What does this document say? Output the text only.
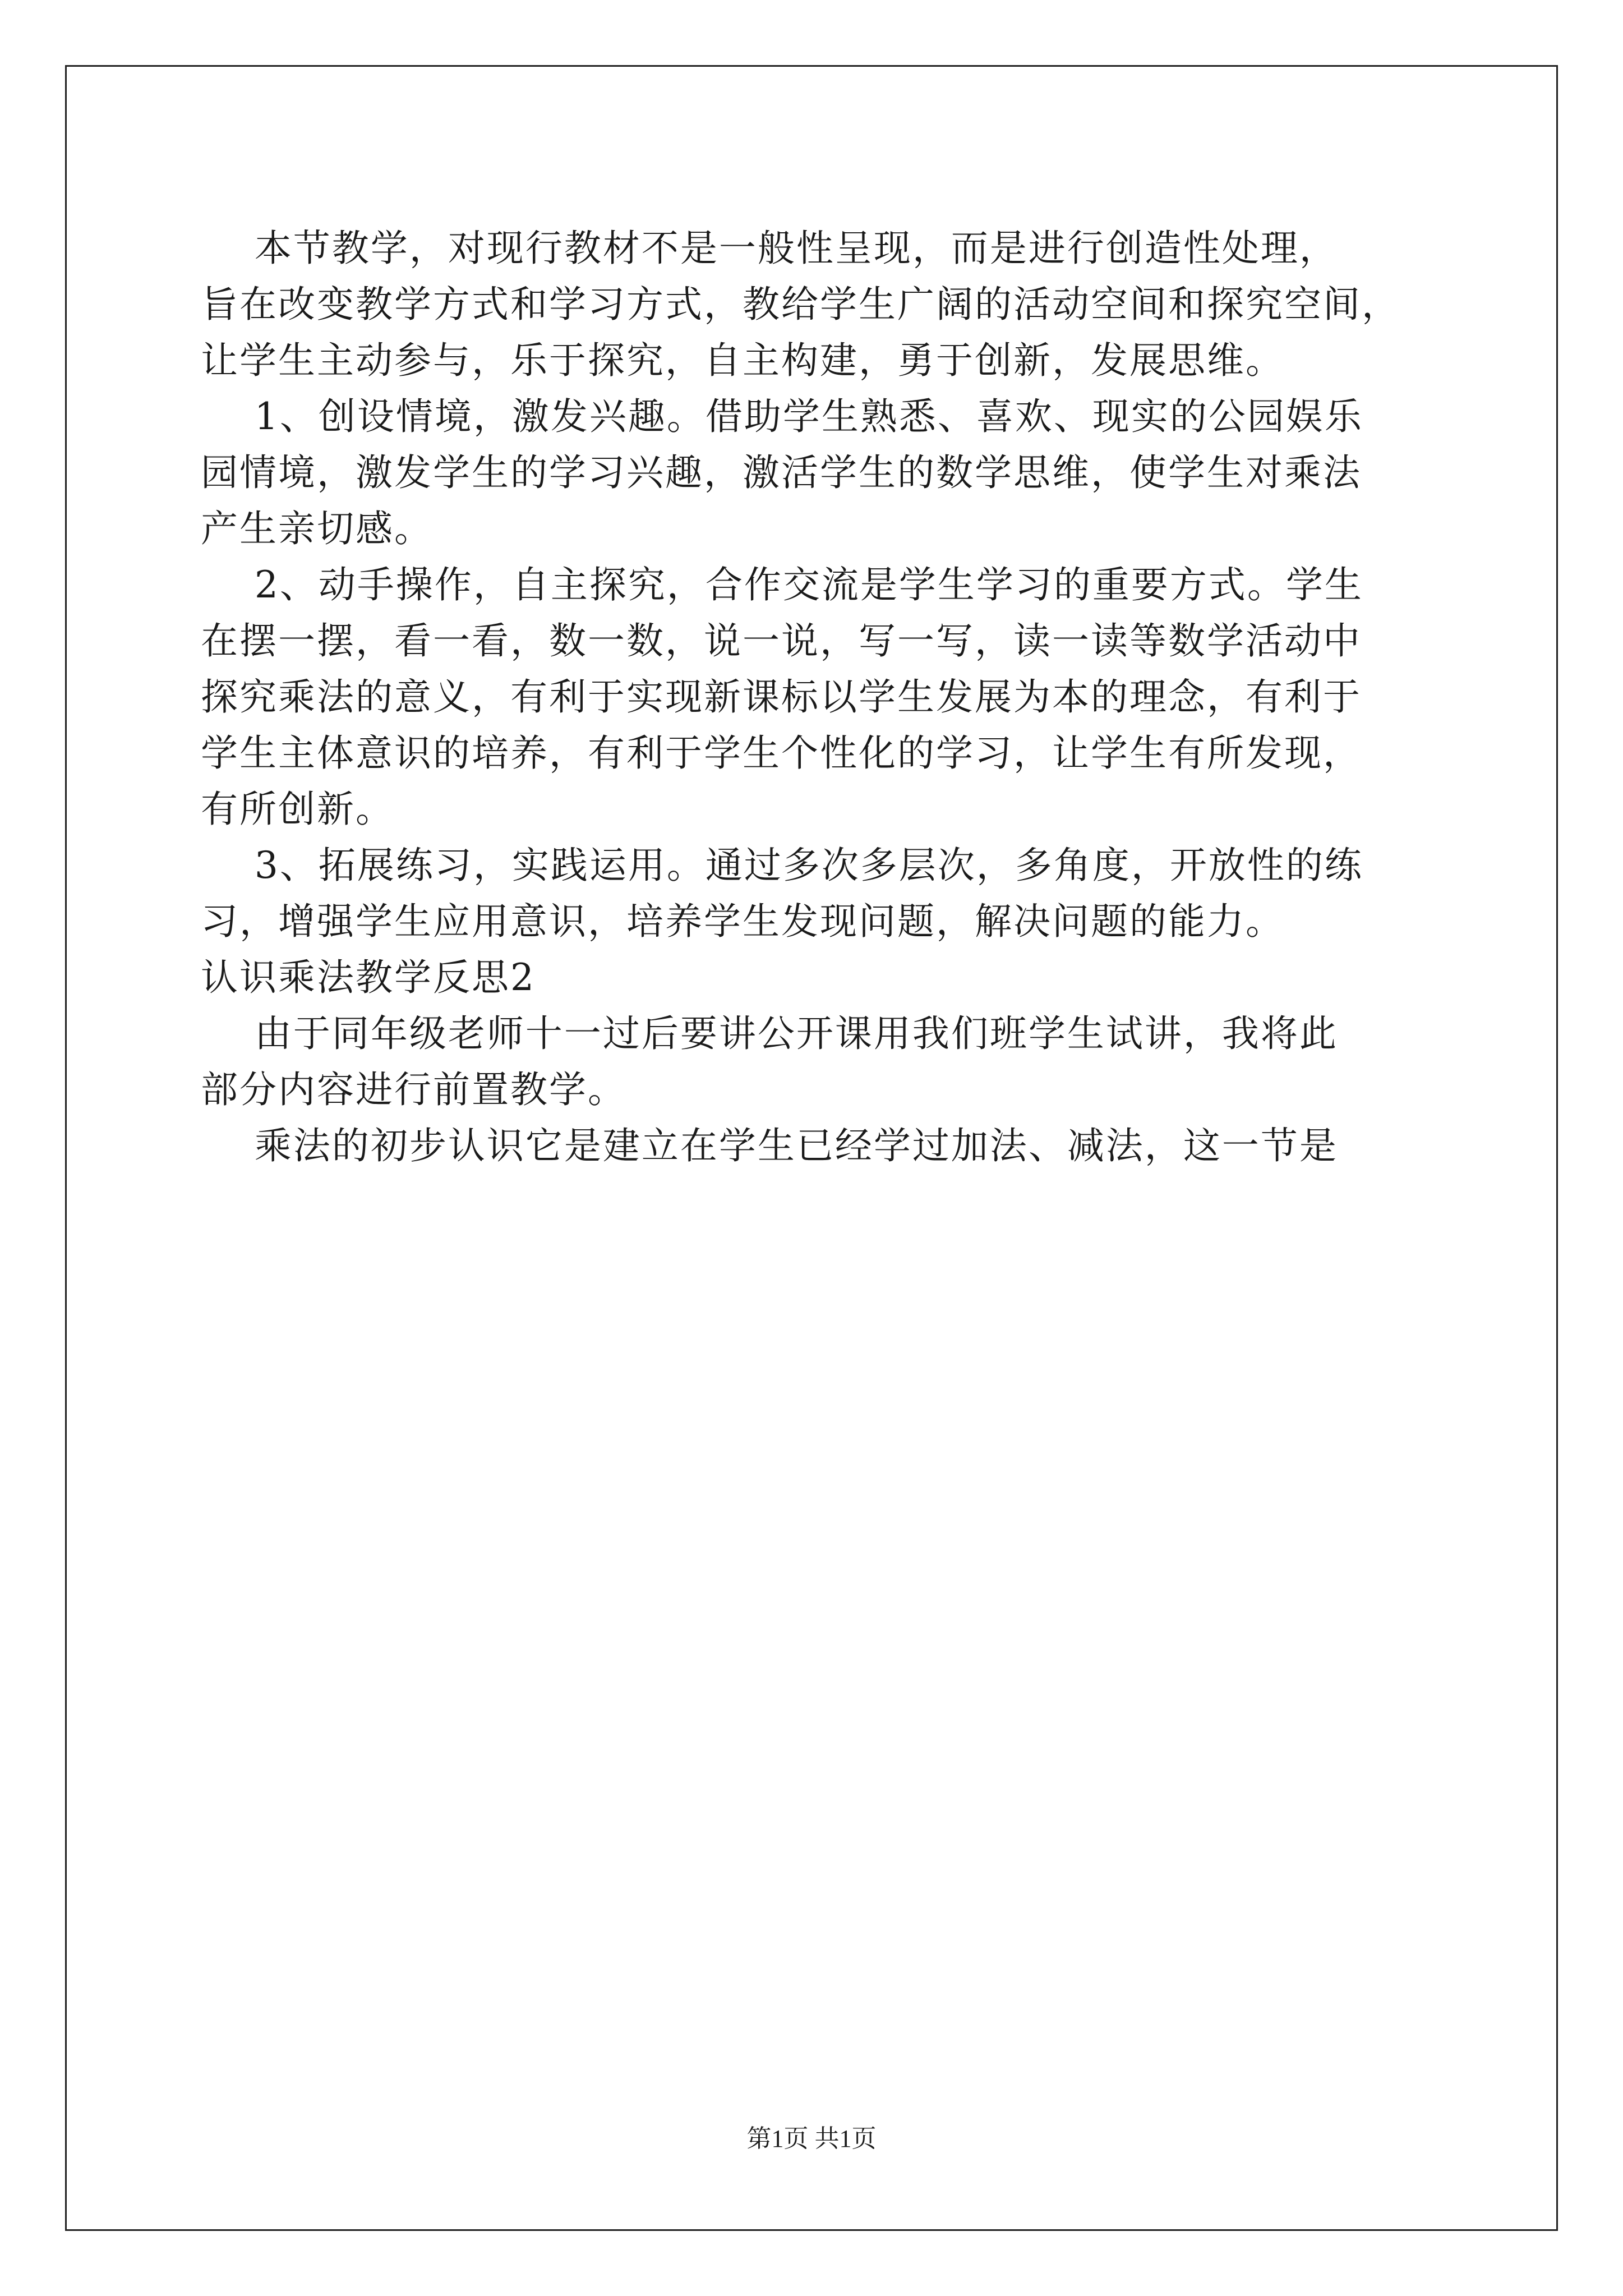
本节教学，对现行教材不是一般性呈现，而是进行创造性处理，
旨在改变教学方式和学习方式，教给学生广阔的活动空间和探究空间，
让学生主动参与，乐于探究，自主构建，勇于创新，发展思维。
1、创设情境，激发兴趣。借助学生熟悉、喜欢、现实的公园娱乐
园情境，激发学生的学习兴趣，激活学生的数学思维，使学生对乘法
产生亲切感。
2、动手操作，自主探究，合作交流是学生学习的重要方式。学生
在摆一摆，看一看，数一数，说一说，写一写，读一读等数学活动中
探究乘法的意义，有利于实现新课标以学生发展为本的理念，有利于
学生主体意识的培养，有利于学生个性化的学习，让学生有所发现，
有所创新。
3、拓展练习，实践运用。通过多次多层次，多角度，开放性的练
习，增强学生应用意识，培养学生发现问题，解决问题的能力。
认识乘法教学反思2
由于同年级老师十一过后要讲公开课用我们班学生试讲，我将此
部分内容进行前置教学。
乘法的初步认识它是建立在学生已经学过加法、减法，这一节是
第1页 共1页
